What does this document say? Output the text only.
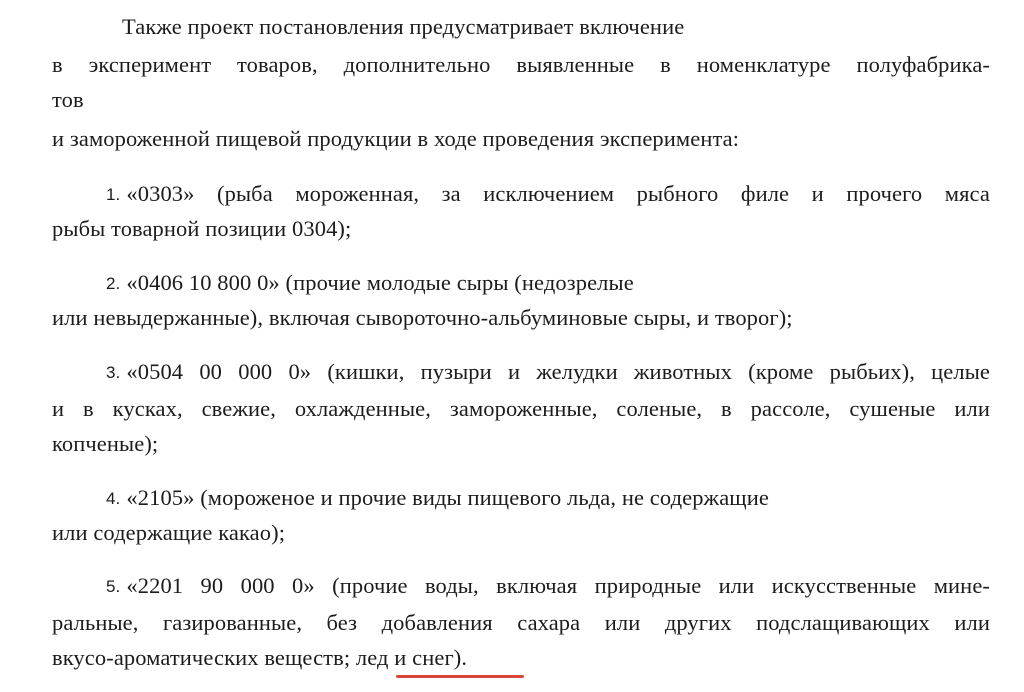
Также проект постановления предусматривает включение
в эксперимент товаров, дополнительно выявленные в номенклатуре полуфабрика-
тов
и замороженной пищевой продукции в ходе проведения эксперимента:
1. «0303» (рыба мороженная, за исключением рыбного филе и прочего мяса
рыбы товарной позиции 0304);
2. «0406 10 800 0» (прочие молодые сыры (недозрелые
или невыдержанные), включая сывороточно-альбуминовые сыры, и творог);
3. «0504 00 000 0» (кишки, пузыри и желудки животных (кроме рыбьих), целые
и в кусках, свежие, охлажденные, замороженные, соленые, в рассоле, сушеные или
копченые);
4. «2105» (мороженое и прочие виды пищевого льда, не содержащие
или содержащие какао);
5. «2201 90 000 0» (прочие воды, включая природные или искусственные мине-
ральные, газированные, без добавления сахара или других подслащивающих или
вкусо-ароматических веществ; лед и снег).
